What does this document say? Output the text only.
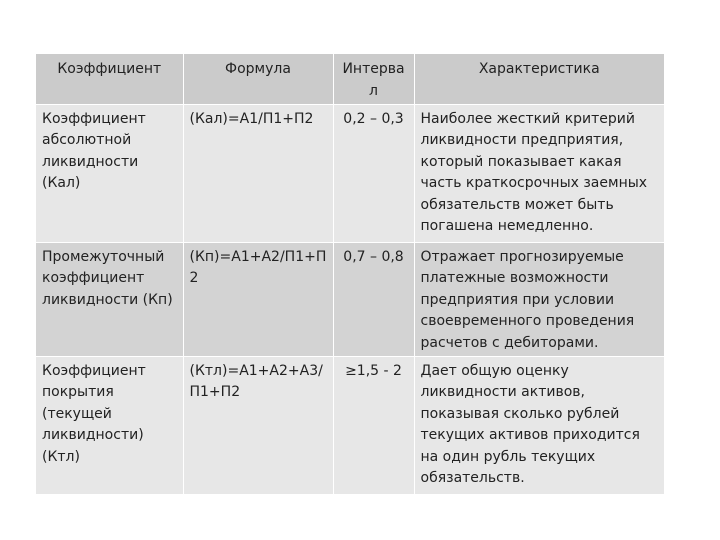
Коэффициент	Формула	Интерва л	Характеристика
Коэффициент абсолютной ликвидности (Кал)	(Кал)=А1/П1+П2	0,2 – 0,3	Наиболее жесткий критерий ликвидности предприятия, который показывает какая часть краткосрочных заемных обязательств может быть погашена немедленно.
Промежуточный коэффициент ликвидности (Кп)	(Кп)=А1+А2/П1+П 2	0,7 – 0,8	Отражает прогнозируемые платежные возможности предприятия при условии своевременного проведения расчетов с дебиторами.
Коэффициент покрытия (текущей ликвидности) (Ктл)	(Ктл)=А1+А2+А3/ П1+П2	≥1,5 - 2	Дает общую оценку ликвидности активов, показывая сколько рублей текущих активов приходится на один рубль текущих обязательств.
